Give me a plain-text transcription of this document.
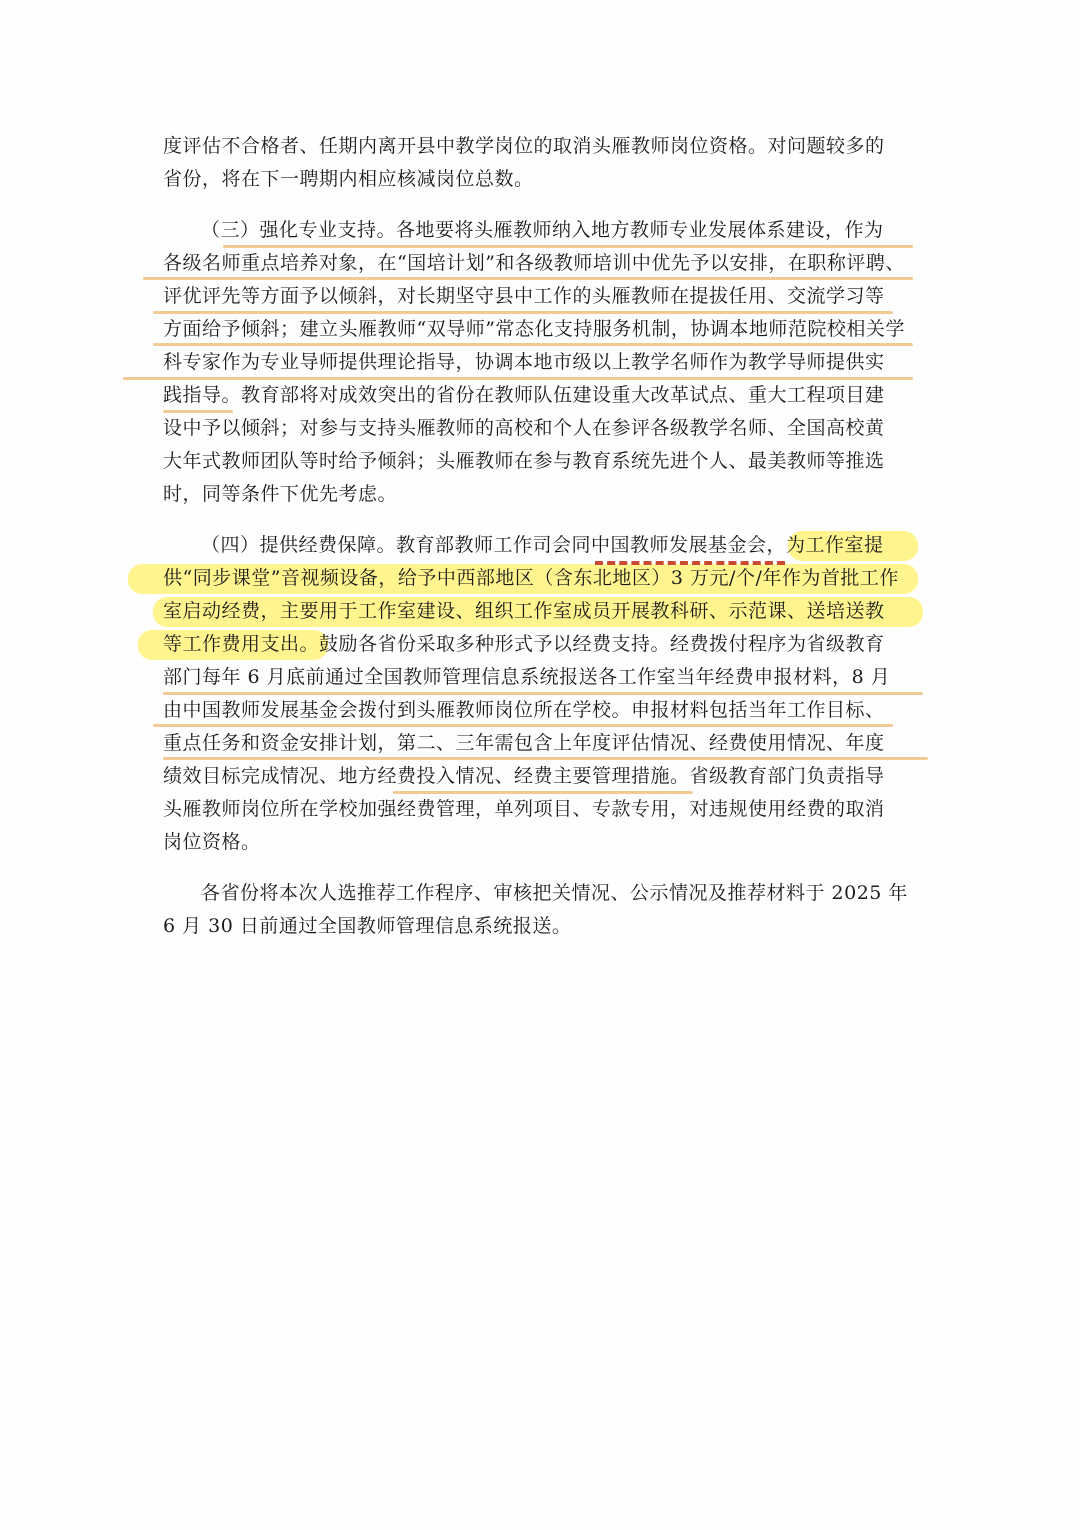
度评估不合格者、任期内离开县中教学岗位的取消头雁教师岗位资格。对问题较多的
省份，将在下一聘期内相应核减岗位总数。
（三）强化专业支持。各地要将头雁教师纳入地方教师专业发展体系建设，作为
各级名师重点培养对象，在“国培计划”和各级教师培训中优先予以安排，在职称评聘、
评优评先等方面予以倾斜，对长期坚守县中工作的头雁教师在提拔任用、交流学习等
方面给予倾斜；建立头雁教师“双导师”常态化支持服务机制，协调本地师范院校相关学
科专家作为专业导师提供理论指导，协调本地市级以上教学名师作为教学导师提供实
践指导。教育部将对成效突出的省份在教师队伍建设重大改革试点、重大工程项目建
设中予以倾斜；对参与支持头雁教师的高校和个人在参评各级教学名师、全国高校黄
大年式教师团队等时给予倾斜；头雁教师在参与教育系统先进个人、最美教师等推选
时，同等条件下优先考虑。
（四）提供经费保障。教育部教师工作司会同中国教师发展基金会，为工作室提
供“同步课堂”音视频设备，给予中西部地区（含东北地区）3 万元/个/年作为首批工作
室启动经费，主要用于工作室建设、组织工作室成员开展教科研、示范课、送培送教
等工作费用支出。鼓励各省份采取多种形式予以经费支持。经费拨付程序为省级教育
部门每年 6 月底前通过全国教师管理信息系统报送各工作室当年经费申报材料，8 月
由中国教师发展基金会拨付到头雁教师岗位所在学校。申报材料包括当年工作目标、
重点任务和资金安排计划，第二、三年需包含上年度评估情况、经费使用情况、年度
绩效目标完成情况、地方经费投入情况、经费主要管理措施。省级教育部门负责指导
头雁教师岗位所在学校加强经费管理，单列项目、专款专用，对违规使用经费的取消
岗位资格。
各省份将本次人选推荐工作程序、审核把关情况、公示情况及推荐材料于 2025 年
6 月 30 日前通过全国教师管理信息系统报送。
